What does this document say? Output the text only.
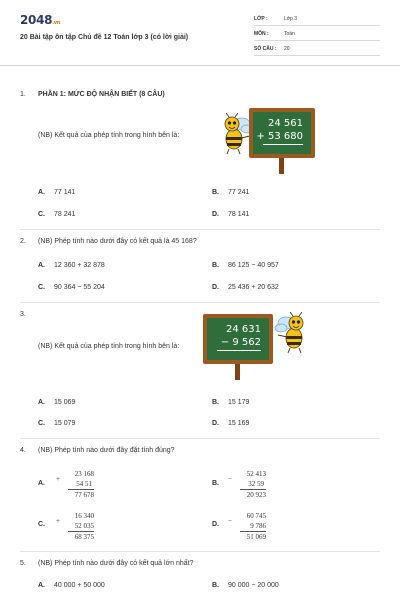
2048.vn
20 Bài tập ôn tập Chủ đề 12 Toán lớp 3 (có lời giải)
LỚP :	Lớp 3
MÔN :	Toán
SỐ CÂU : 20
1. PHẦN 1: MỨC ĐỘ NHẬN BIẾT (8 CÂU)
(NB) Kết quả của phép tính trong hình bên là:
24 561
+ 53 680
A. 77 141	B. 77 241
C. 78 241	D. 78 141
2. (NB) Phép tính nào dưới đây có kết quả là 45 168?
A. 12 360 + 32 878	B. 86 125 − 40 957
C. 90 364 − 55 204	D. 25 436 + 20 632
3.
24 631
− 9 562
(NB) Kết quả của phép tính trong hình bên là:
A. 15 069	B. 15 179
C. 15 079	D. 15 169
4. (NB) Phép tính nào dưới đây đặt tính đúng?
A.
+
23 168
54 51
77 678
B.
−
52 413
32 59
20 923
C.	+
16 340
52 035
68 375
D.	−
60 745
9 786
51 069
5. (NB) Phép tính nào dưới đây có kết quả lớn nhất?
A. 40 000 + 50 000	B. 90 000 − 20 000
